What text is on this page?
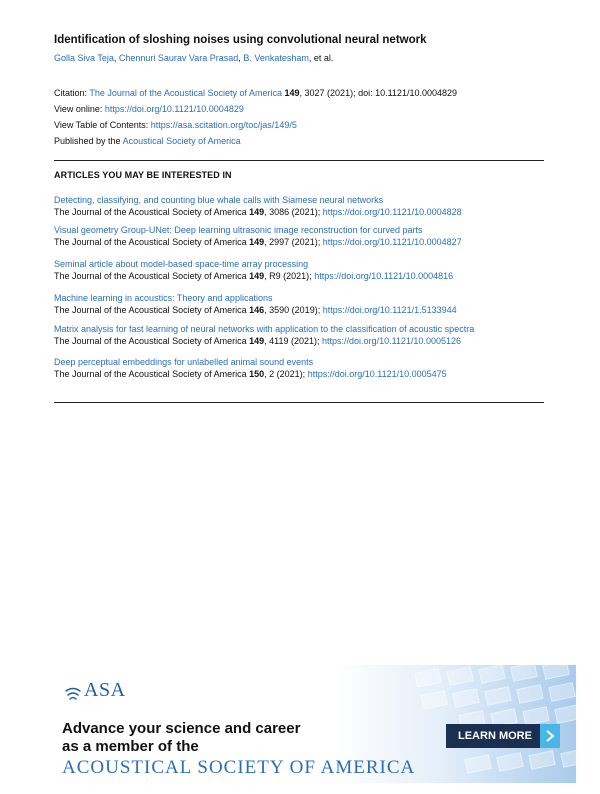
Identification of sloshing noises using convolutional neural network
Golla Siva Teja, Chennuri Saurav Vara Prasad, B. Venkatesham, et al.
Citation: The Journal of the Acoustical Society of America 149, 3027 (2021); doi: 10.1121/10.0004829
View online: https://doi.org/10.1121/10.0004829
View Table of Contents: https://asa.scitation.org/toc/jas/149/5
Published by the Acoustical Society of America
ARTICLES YOU MAY BE INTERESTED IN
Detecting, classifying, and counting blue whale calls with Siamese neural networks
The Journal of the Acoustical Society of America 149, 3086 (2021); https://doi.org/10.1121/10.0004828
Visual geometry Group-UNet: Deep learning ultrasonic image reconstruction for curved parts
The Journal of the Acoustical Society of America 149, 2997 (2021); https://doi.org/10.1121/10.0004827
Seminal article about model-based space-time array processing
The Journal of the Acoustical Society of America 149, R9 (2021); https://doi.org/10.1121/10.0004816
Machine learning in acoustics: Theory and applications
The Journal of the Acoustical Society of America 146, 3590 (2019); https://doi.org/10.1121/1.5133944
Matrix analysis for fast learning of neural networks with application to the classification of acoustic spectra
The Journal of the Acoustical Society of America 149, 4119 (2021); https://doi.org/10.1121/10.0005126
Deep perceptual embeddings for unlabelled animal sound events
The Journal of the Acoustical Society of America 150, 2 (2021); https://doi.org/10.1121/10.0005475
ASA
Advance your science and career
as a member of the
ACOUSTICAL SOCIETY OF AMERICA
LEARN MORE
